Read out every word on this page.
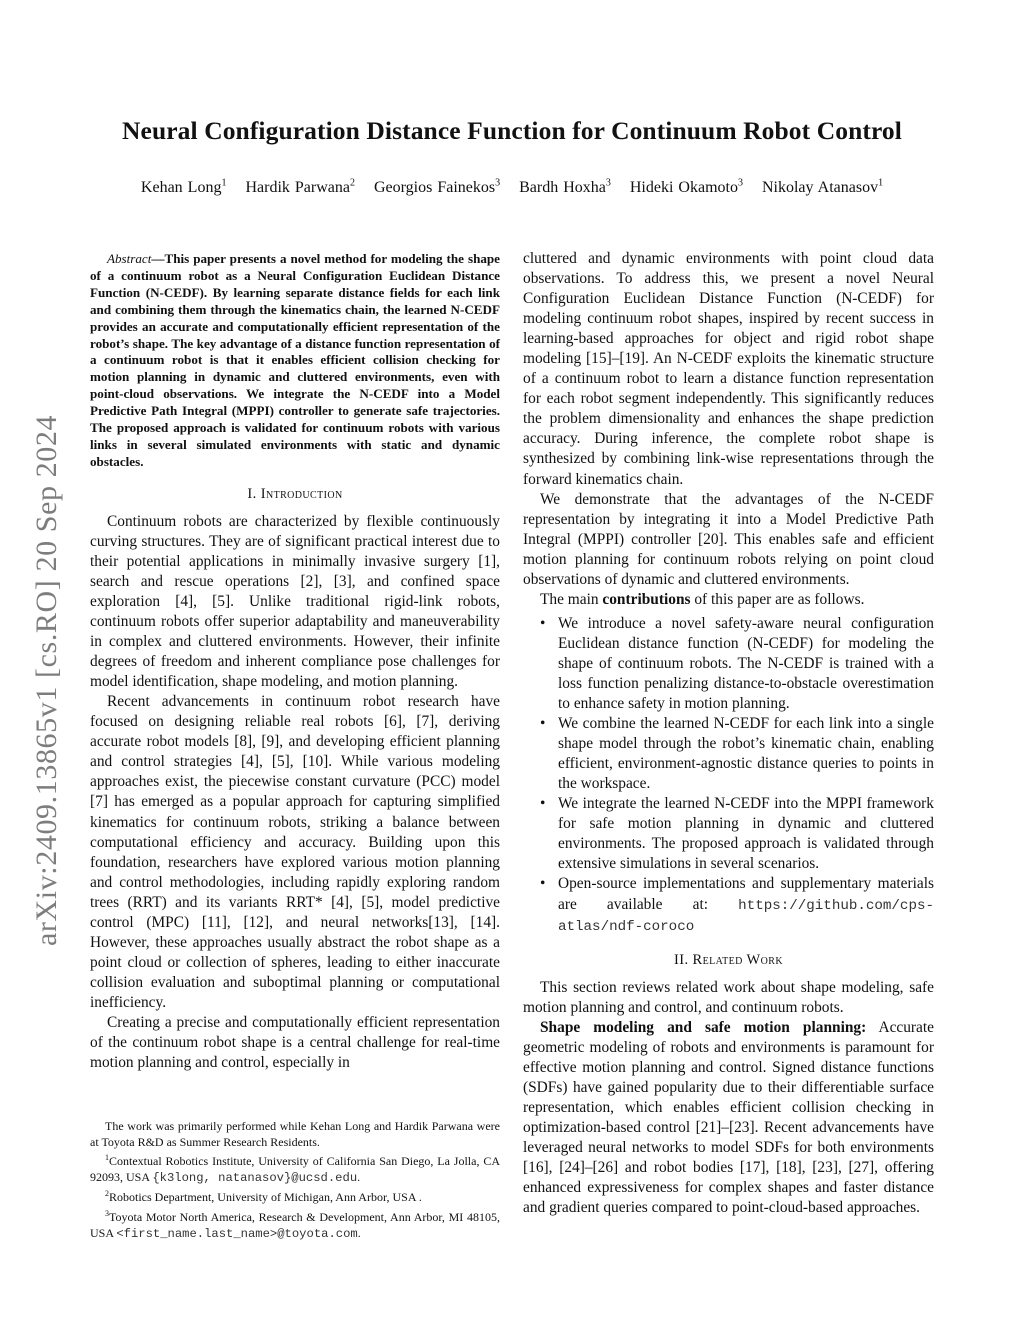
arXiv:2409.13865v1 [cs.RO] 20 Sep 2024
Neural Configuration Distance Function for Continuum Robot Control
Kehan Long$^1$ Hardik Parwana$^2$ Georgios Fainekos$^3$ Bardh Hoxha$^3$ Hideki Okamoto$^3$ Nikolay Atanasov$^1$

Abstract—This paper presents a novel method for modeling the shape of a continuum robot as a Neural Configuration Euclidean Distance Function (N-CEDF). By learning separate distance fields for each link and combining them through the kinematics chain, the learned N-CEDF provides an accurate and computationally efficient representation of the robot’s shape. The key advantage of a distance function representation of a continuum robot is that it enables efficient collision checking for motion planning in dynamic and cluttered environments, even with point-cloud observations. We integrate the N-CEDF into a Model Predictive Path Integral (MPPI) controller to generate safe trajectories. The proposed approach is validated for continuum robots with various links in several simulated environments with static and dynamic obstacles.

I. Introduction

Continuum robots are characterized by flexible continuously curving structures. They are of significant practical interest due to their potential applications in minimally invasive surgery [1], search and rescue operations [2], [3], and confined space exploration [4], [5]. Unlike traditional rigid-link robots, continuum robots offer superior adaptability and maneuverability in complex and cluttered environments. However, their infinite degrees of freedom and inherent compliance pose challenges for model identification, shape modeling, and motion planning.

Recent advancements in continuum robot research have focused on designing reliable real robots [6], [7], deriving accurate robot models [8], [9], and developing efficient planning and control strategies [4], [5], [10]. While various modeling approaches exist, the piecewise constant curvature (PCC) model [7] has emerged as a popular approach for capturing simplified kinematics for continuum robots, striking a balance between computational efficiency and accuracy. Building upon this foundation, researchers have explored various motion planning and control methodologies, including rapidly exploring random trees (RRT) and its variants RRT* [4], [5], model predictive control (MPC) [11], [12], and neural networks[13], [14]. However, these approaches usually abstract the robot shape as a point cloud or collection of spheres, leading to either inaccurate collision evaluation and suboptimal planning or computational inefficiency.

Creating a precise and computationally efficient representation of the continuum robot shape is a central challenge for real-time motion planning and control, especially in

cluttered and dynamic environments with point cloud data observations. To address this, we present a novel Neural Configuration Euclidean Distance Function (N-CEDF) for modeling continuum robot shapes, inspired by recent success in learning-based approaches for object and rigid robot shape modeling [15]–[19]. An N-CEDF exploits the kinematic structure of a continuum robot to learn a distance function representation for each robot segment independently. This significantly reduces the problem dimensionality and enhances the shape prediction accuracy. During inference, the complete robot shape is synthesized by combining link-wise representations through the forward kinematics chain.

We demonstrate that the advantages of the N-CEDF representation by integrating it into a Model Predictive Path Integral (MPPI) controller [20]. This enables safe and efficient motion planning for continuum robots relying on point cloud observations of dynamic and cluttered environments.

The main contributions of this paper are as follows.

• We introduce a novel safety-aware neural configuration Euclidean distance function (N-CEDF) for modeling the shape of continuum robots. The N-CEDF is trained with a loss function penalizing distance-to-obstacle overestimation to enhance safety in motion planning.
• We combine the learned N-CEDF for each link into a single shape model through the robot’s kinematic chain, enabling efficient, environment-agnostic distance queries to points in the workspace.
• We integrate the learned N-CEDF into the MPPI framework for safe motion planning in dynamic and cluttered environments. The proposed approach is validated through extensive simulations in several scenarios.
• Open-source implementations and supplementary materials are available at: https://github.com/cps-atlas/ndf-coroco
II. Related Work

This section reviews related work about shape modeling, safe motion planning and control, and continuum robots.

Shape modeling and safe motion planning: Accurate geometric modeling of robots and environments is paramount for effective motion planning and control. Signed distance functions (SDFs) have gained popularity due to their differentiable surface representation, which enables efficient collision checking in optimization-based control [21]–[23]. Recent advancements have leveraged neural networks to model SDFs for both environments [16], [24]–[26] and robot bodies [17], [18], [23], [27], offering enhanced expressiveness for complex shapes and faster distance and gradient queries compared to point-cloud-based approaches.

The work was primarily performed while Kehan Long and Hardik Parwana were at Toyota R&D as Summer Research Residents.

$^1$Contextual Robotics Institute, University of California San Diego, La Jolla, CA 92093, USA {k3long, natanasov}@ucsd.edu.

$^2$Robotics Department, University of Michigan, Ann Arbor, USA .

$^3$Toyota Motor North America, Research & Development, Ann Arbor, MI 48105, USA <first_name.last_name>@toyota.com.
